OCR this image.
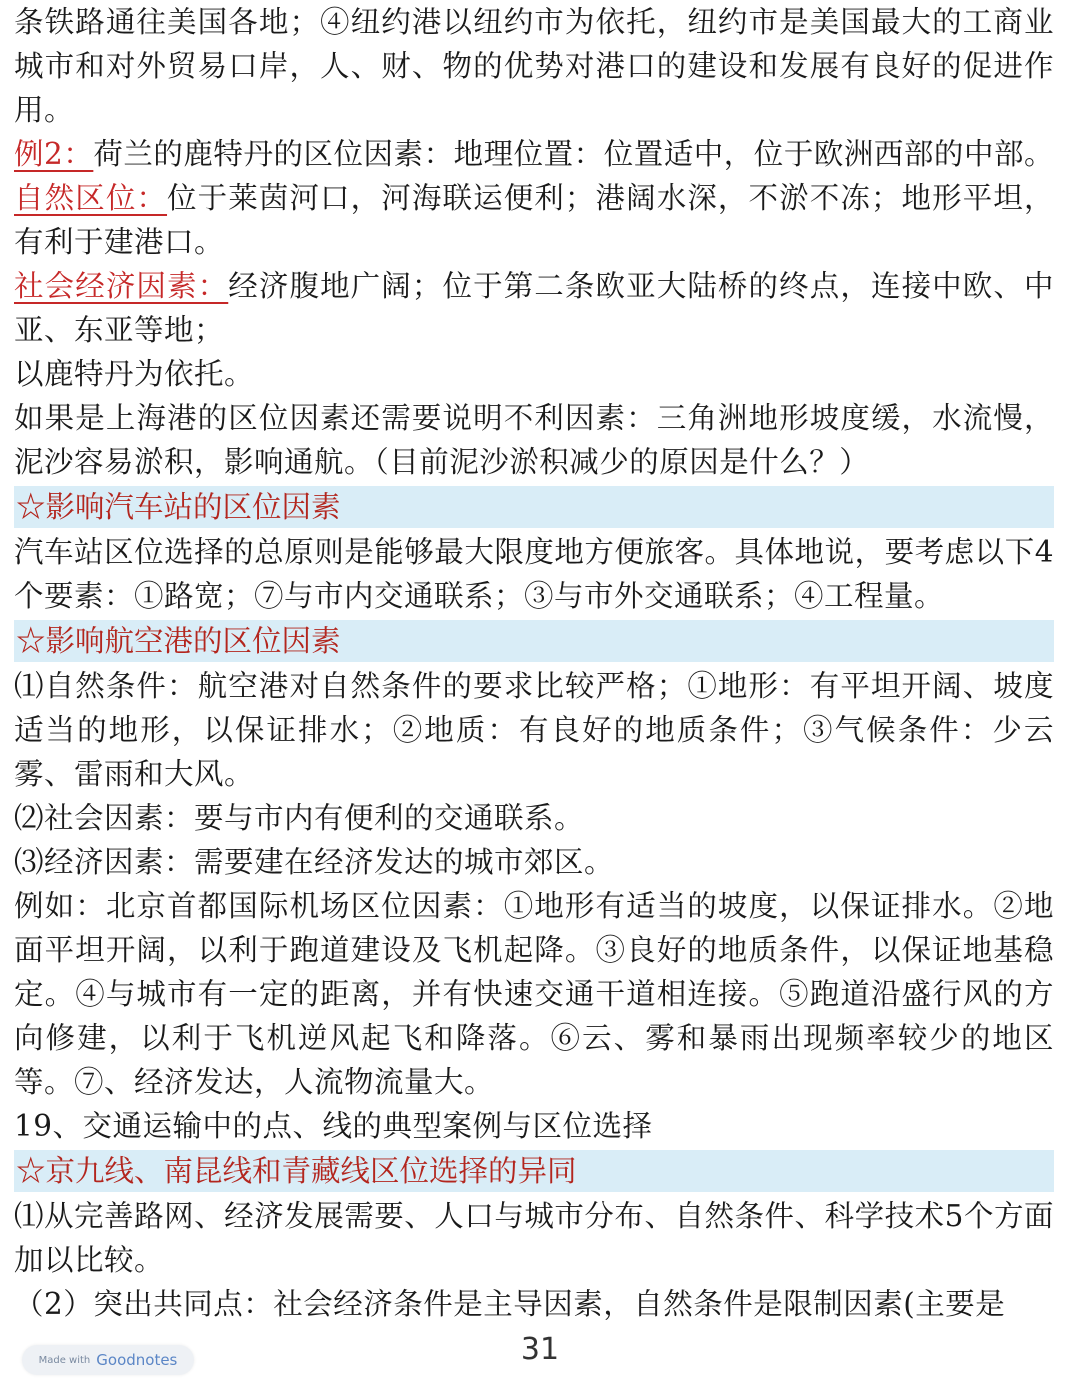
条铁路通往美国各地；④纽约港以纽约市为依托，纽约市是美国最大的工商业城市和对外贸易口岸，人、财、物的优势对港口的建设和发展有良好的促进作用。

例2：荷兰的鹿特丹的区位因素：地理位置：位置适中，位于欧洲西部的中部。自然区位：位于莱茵河口，河海联运便利；港阔水深，不淤不冻；地形平坦，有利于建港口。

社会经济因素：经济腹地广阔；位于第二条欧亚大陆桥的终点，连接中欧、中亚、东亚等地；

以鹿特丹为依托。

如果是上海港的区位因素还需要说明不利因素：三角洲地形坡度缓，水流慢，泥沙容易淤积，影响通航。（目前泥沙淤积减少的原因是什么？）

☆影响汽车站的区位因素

汽车站区位选择的总原则是能够最大限度地方便旅客。具体地说，要考虑以下4个要素：①路宽；⑦与市内交通联系；③与市外交通联系；④工程量。

☆影响航空港的区位因素

⑴自然条件：航空港对自然条件的要求比较严格；①地形：有平坦开阔、坡度适当的地形，以保证排水；②地质：有良好的地质条件；③气候条件：少云雾、雷雨和大风。

⑵社会因素：要与市内有便利的交通联系。

⑶经济因素：需要建在经济发达的城市郊区。

例如：北京首都国际机场区位因素：①地形有适当的坡度，以保证排水。②地面平坦开阔，以利于跑道建设及飞机起降。③良好的地质条件，以保证地基稳定。④与城市有一定的距离，并有快速交通干道相连接。⑤跑道沿盛行风的方向修建，以利于飞机逆风起飞和降落。⑥云、雾和暴雨出现频率较少的地区等。⑦、经济发达，人流物流量大。

19、交通运输中的点、线的典型案例与区位选择

☆京九线、南昆线和青藏线区位选择的异同

⑴从完善路网、经济发展需要、人口与城市分布、自然条件、科学技术5个方面加以比较。

（2）突出共同点：社会经济条件是主导因素，自然条件是限制因素(主要是

31
Made with Goodnotes
